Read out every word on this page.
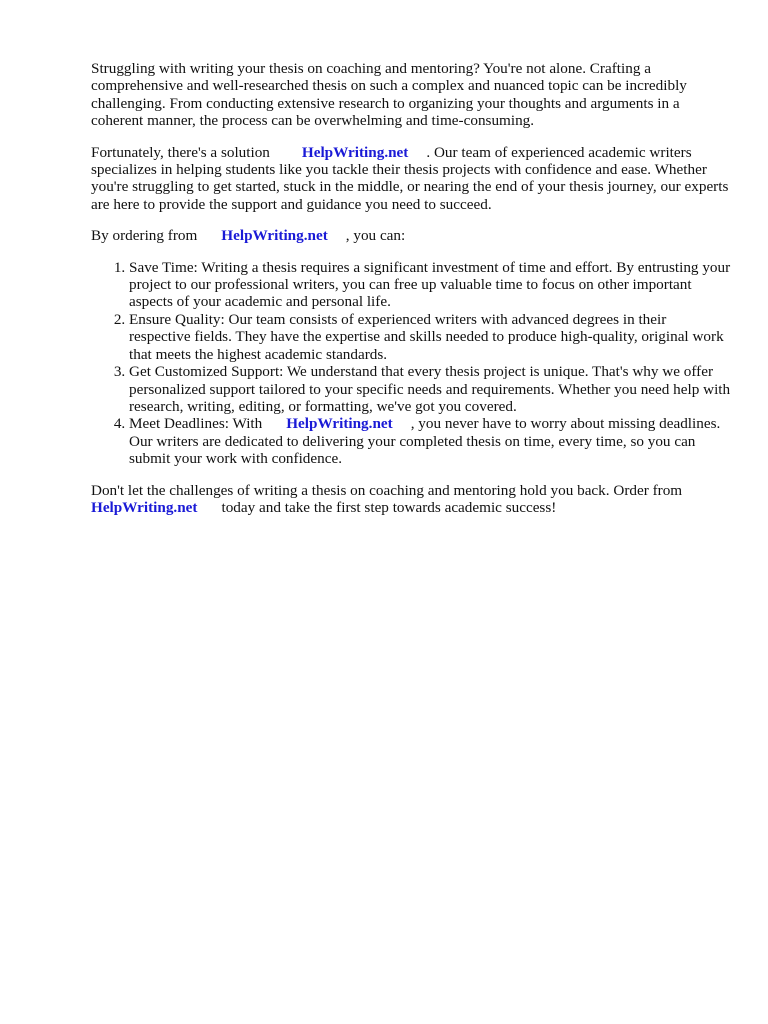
Struggling with writing your thesis on coaching and mentoring? You're not alone. Crafting a comprehensive and well-researched thesis on such a complex and nuanced topic can be incredibly challenging. From conducting extensive research to organizing your thoughts and arguments in a coherent manner, the process can be overwhelming and time-consuming.

Fortunately, there's a solution HelpWriting.net . Our team of experienced academic writers specializes in helping students like you tackle their thesis projects with confidence and ease. Whether you're struggling to get started, stuck in the middle, or nearing the end of your thesis journey, our experts are here to provide the support and guidance you need to succeed.

By ordering from HelpWriting.net , you can:

1. Save Time: Writing a thesis requires a significant investment of time and effort. By entrusting your project to our professional writers, you can free up valuable time to focus on other important aspects of your academic and personal life.
2. Ensure Quality: Our team consists of experienced writers with advanced degrees in their respective fields. They have the expertise and skills needed to produce high-quality, original work that meets the highest academic standards.
3. Get Customized Support: We understand that every thesis project is unique. That's why we offer personalized support tailored to your specific needs and requirements. Whether you need help with research, writing, editing, or formatting, we've got you covered.
4. Meet Deadlines: With HelpWriting.net , you never have to worry about missing deadlines. Our writers are dedicated to delivering your completed thesis on time, every time, so you can submit your work with confidence.

Don't let the challenges of writing a thesis on coaching and mentoring hold you back. Order from HelpWriting.net today and take the first step towards academic success!
